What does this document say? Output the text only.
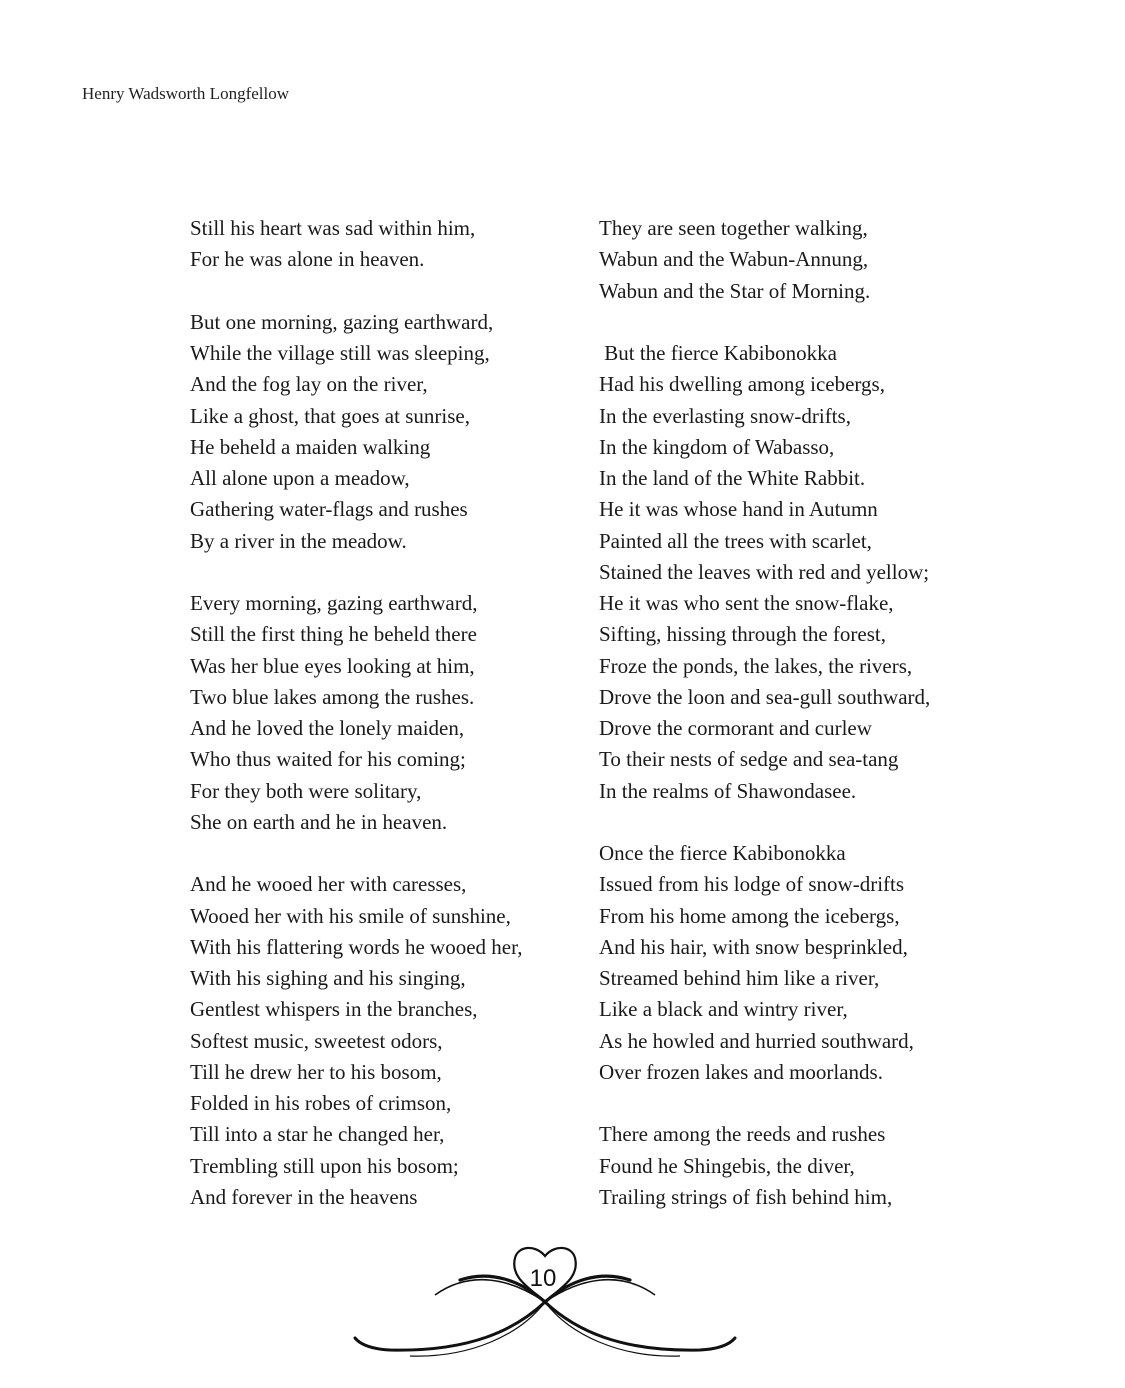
Henry Wadsworth Longfellow
Still his heart was sad within him,
For he was alone in heaven.
But one morning, gazing earthward,
While the village still was sleeping,
And the fog lay on the river,
Like a ghost, that goes at sunrise,
He beheld a maiden walking
All alone upon a meadow,
Gathering water-flags and rushes
By a river in the meadow.
Every morning, gazing earthward,
Still the first thing he beheld there
Was her blue eyes looking at him,
Two blue lakes among the rushes.
And he loved the lonely maiden,
Who thus waited for his coming;
For they both were solitary,
She on earth and he in heaven.
And he wooed her with caresses,
Wooed her with his smile of sunshine,
With his flattering words he wooed her,
With his sighing and his singing,
Gentlest whispers in the branches,
Softest music, sweetest odors,
Till he drew her to his bosom,
Folded in his robes of crimson,
Till into a star he changed her,
Trembling still upon his bosom;
And forever in the heavens
They are seen together walking,
Wabun and the Wabun-Annung,
Wabun and the Star of Morning.
But the fierce Kabibonokka
Had his dwelling among icebergs,
In the everlasting snow-drifts,
In the kingdom of Wabasso,
In the land of the White Rabbit.
He it was whose hand in Autumn
Painted all the trees with scarlet,
Stained the leaves with red and yellow;
He it was who sent the snow-flake,
Sifting, hissing through the forest,
Froze the ponds, the lakes, the rivers,
Drove the loon and sea-gull southward,
Drove the cormorant and curlew
To their nests of sedge and sea-tang
In the realms of Shawondasee.
Once the fierce Kabibonokka
Issued from his lodge of snow-drifts
From his home among the icebergs,
And his hair, with snow besprinkled,
Streamed behind him like a river,
Like a black and wintry river,
As he howled and hurried southward,
Over frozen lakes and moorlands.
There among the reeds and rushes
Found he Shingebis, the diver,
Trailing strings of fish behind him,
10
